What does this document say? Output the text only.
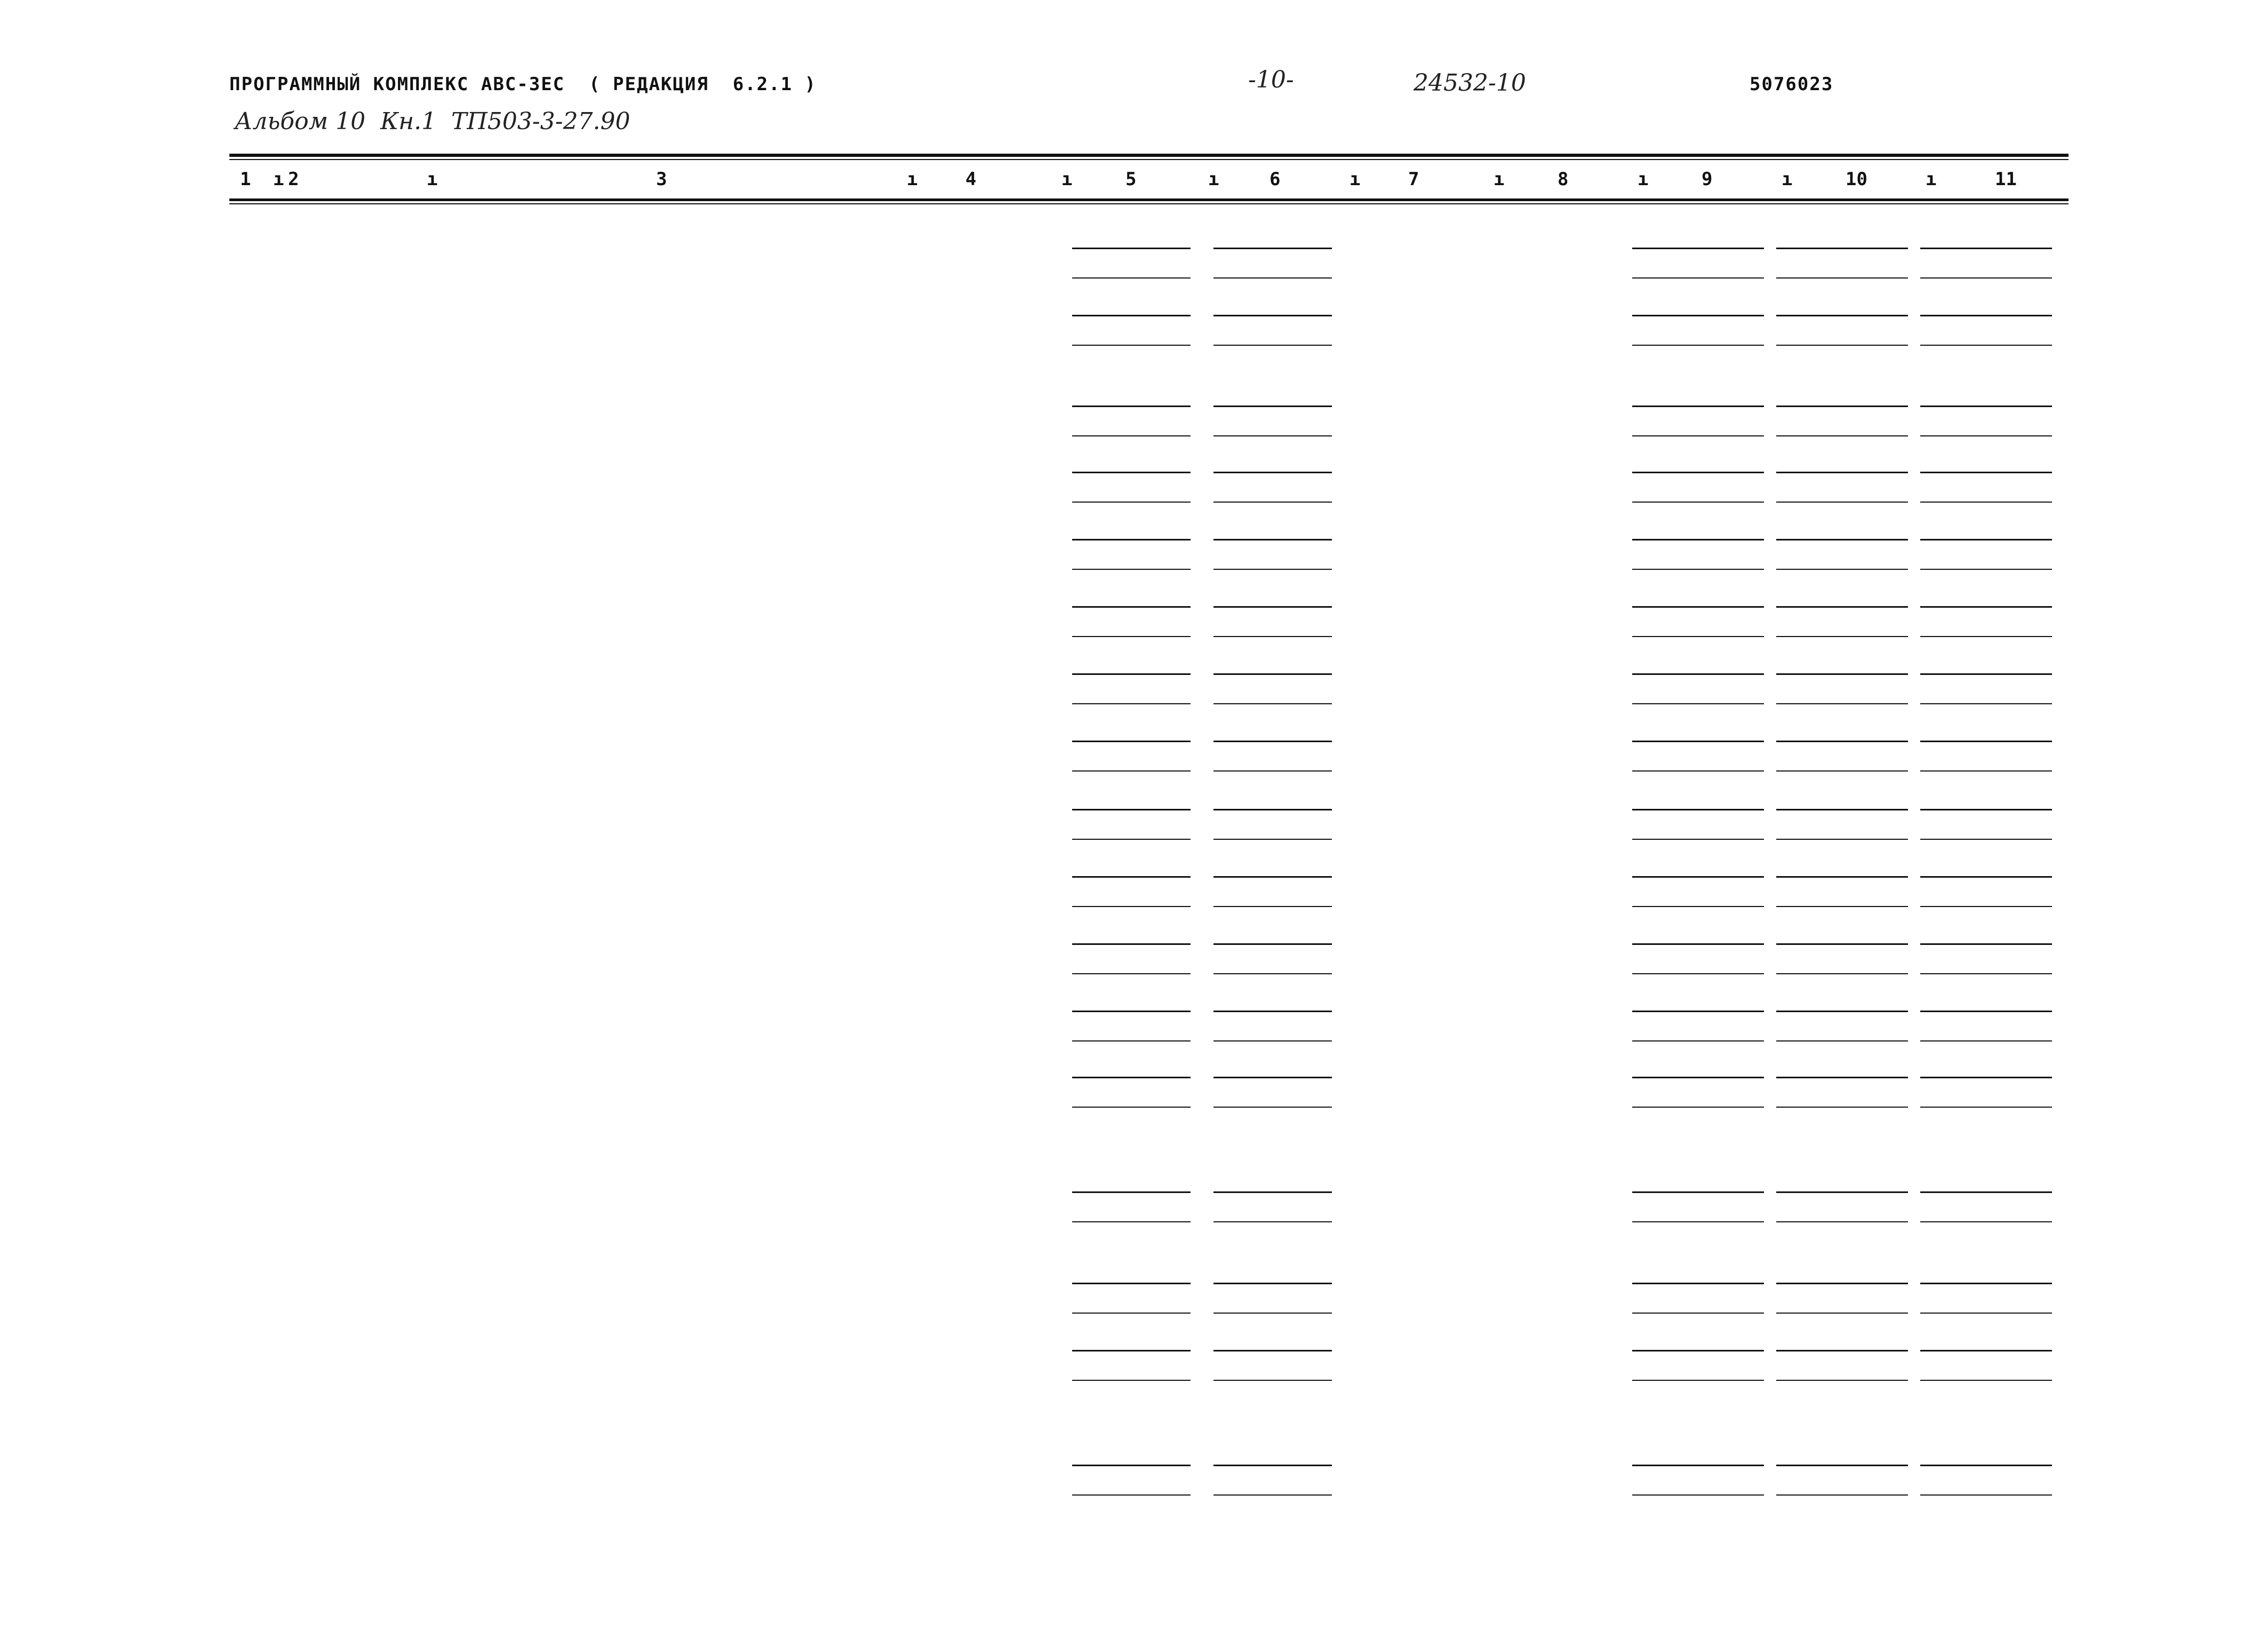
ПРОГРАММНЫЙ КОМПЛЕКС АВС-3ЕС  ( РЕДАКЦИЯ  6.2.1 )	-10-	24532-10	5076023
Альбом 10  Кн.1  ТП503-3-27.90
1 2	3	4	5	6	7	8	9	10	11
ı	ı	ı	ı	ı	ı	ı	ı	ı	ı
